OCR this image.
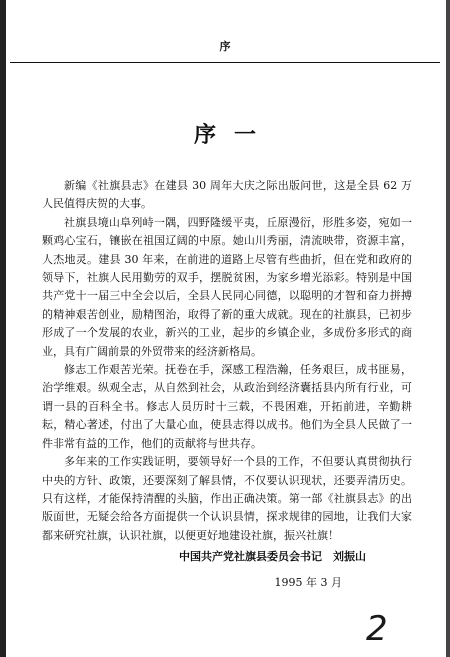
序
序一

新编《社旗县志》在建县 30 周年大庆之际出版问世，这是全县 62 万人民值得庆贺的大事。

社旗县境山阜列峙一隅，四野隆缓平夷，丘原漫衍，形胜多姿，宛如一颗鸡心宝石，镶嵌在祖国辽阔的中原。她山川秀丽，清流映带，资源丰富，人杰地灵。建县 30 年来，在前进的道路上尽管有些曲折，但在党和政府的领导下，社旗人民用勤劳的双手，摆脱贫困，为家乡增光添彩。特别是中国共产党十一届三中全会以后，全县人民同心同德，以聪明的才智和奋力拼搏的精神艰苦创业，励精图治，取得了新的重大成就。现在的社旗县，已初步形成了一个发展的农业，新兴的工业，起步的乡镇企业，多成份多形式的商业，具有广阔前景的外贸带来的经济新格局。

修志工作艰苦光荣。抚卷在手，深感工程浩瀚，任务艰巨，成书匪易，治学维艰。纵观全志，从自然到社会，从政治到经济囊括县内所有行业，可谓一县的百科全书。修志人员历时十三载，不畏困难，开拓前进，辛勤耕耘，精心著述，付出了大量心血，使县志得以成书。他们为全县人民做了一件非常有益的工作，他们的贡献将与世共存。

多年来的工作实践证明，要领导好一个县的工作，不但要认真贯彻执行中央的方针、政策，还要深刻了解县情，不仅要认识现状，还要弄清历史。只有这样，才能保持清醒的头脑，作出正确决策。第一部《社旗县志》的出版面世，无疑会给各方面提供一个认识县情，探求规律的园地，让我们大家都来研究社旗，认识社旗，以便更好地建设社旗，振兴社旗！

中国共产党社旗县委员会书记　刘振山
1995 年 3 月
2
